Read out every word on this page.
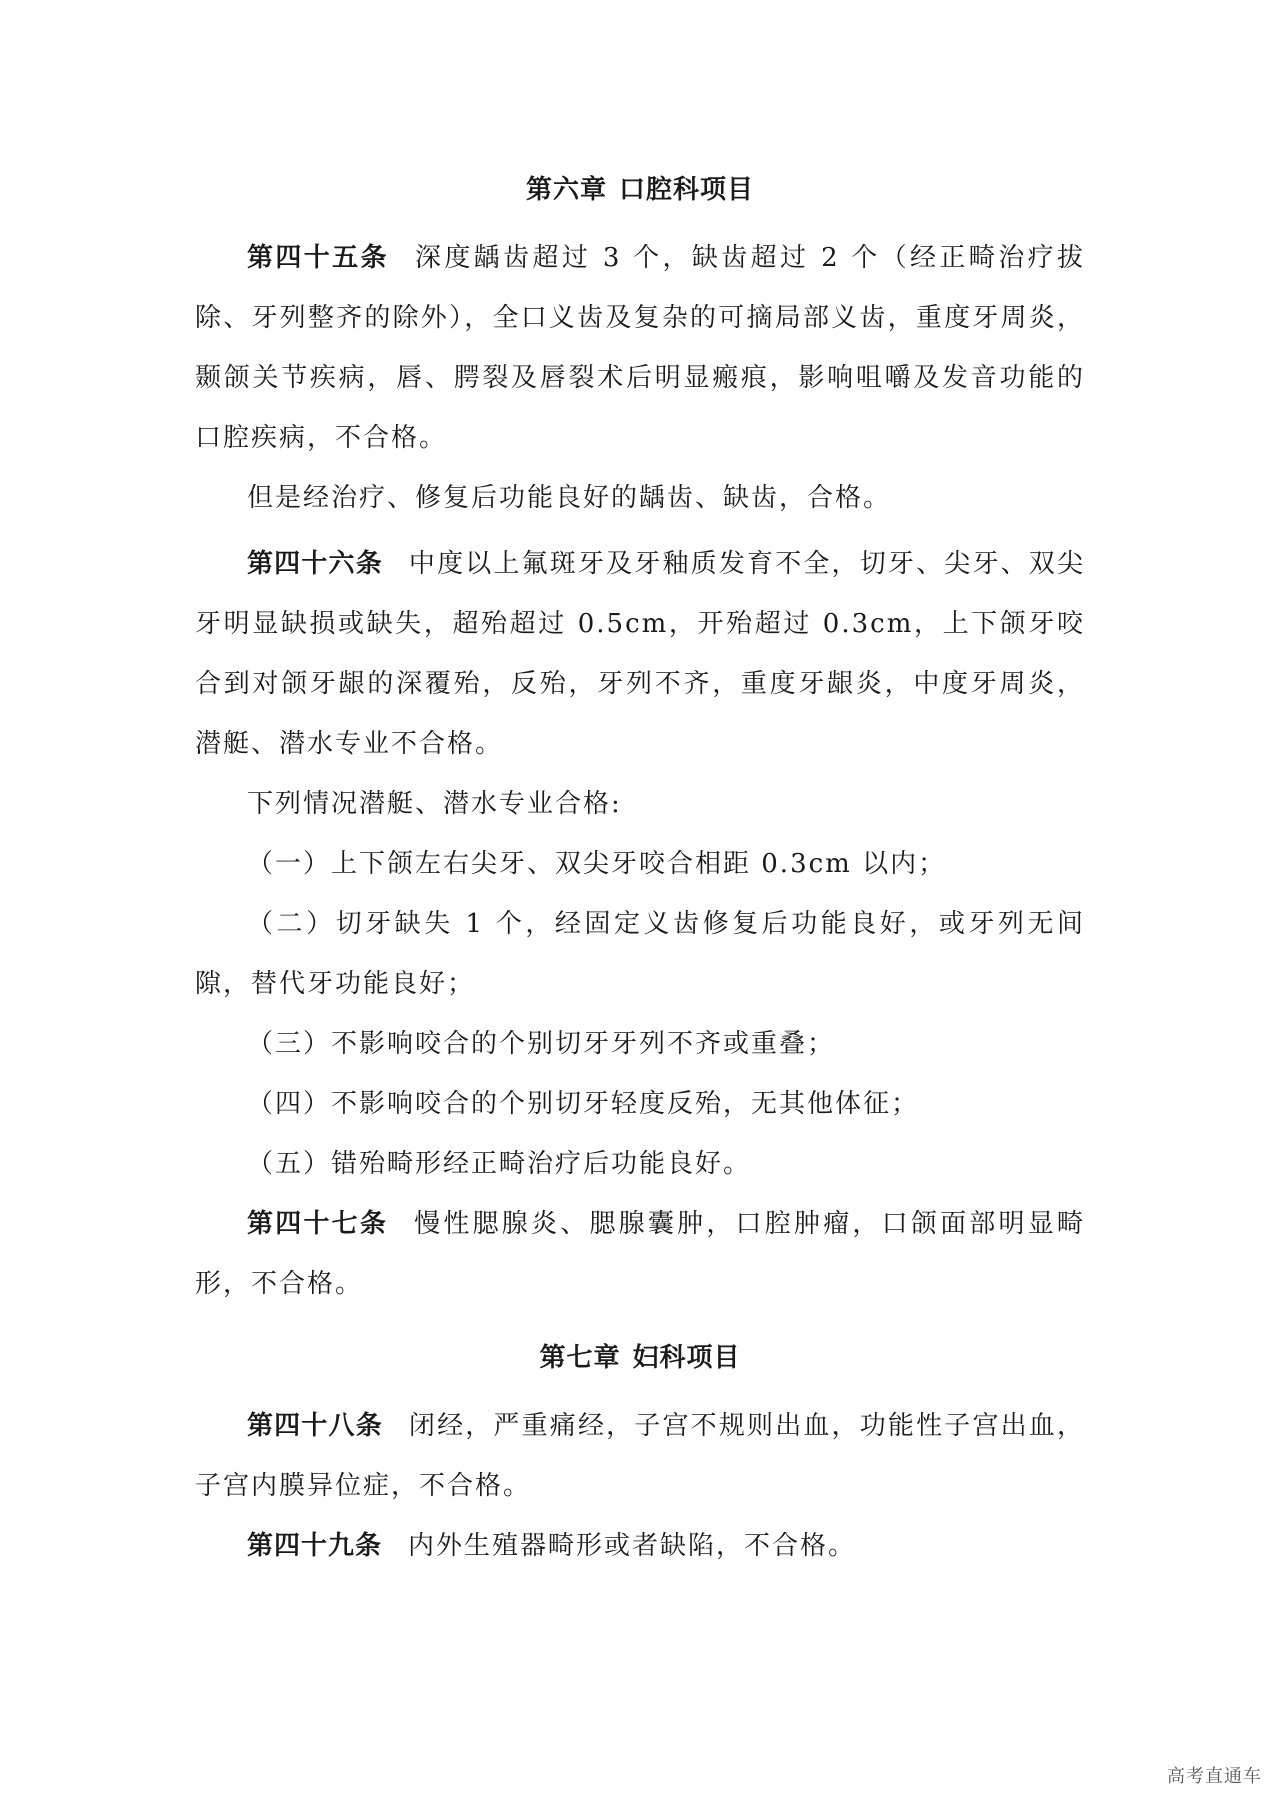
第六章 口腔科项目

第四十五条 深度龋齿超过 3 个，缺齿超过 2 个（经正畸治疗拔除、牙列整齐的除外），全口义齿及复杂的可摘局部义齿，重度牙周炎，颞颌关节疾病，唇、腭裂及唇裂术后明显瘢痕，影响咀嚼及发音功能的口腔疾病，不合格。

但是经治疗、修复后功能良好的龋齿、缺齿，合格。

第四十六条 中度以上氟斑牙及牙釉质发育不全，切牙、尖牙、双尖牙明显缺损或缺失，超殆超过 0.5cm，开殆超过 0.3cm，上下颌牙咬合到对颌牙龈的深覆殆，反殆，牙列不齐，重度牙龈炎，中度牙周炎，潜艇、潜水专业不合格。

下列情况潜艇、潜水专业合格:

（一）上下颌左右尖牙、双尖牙咬合相距 0.3cm 以内；

（二）切牙缺失 1 个，经固定义齿修复后功能良好，或牙列无间隙，替代牙功能良好；

（三）不影响咬合的个别切牙牙列不齐或重叠；

（四）不影响咬合的个别切牙轻度反殆，无其他体征；

（五）错殆畸形经正畸治疗后功能良好。

第四十七条 慢性腮腺炎、腮腺囊肿，口腔肿瘤，口颌面部明显畸形，不合格。

第七章 妇科项目

第四十八条 闭经，严重痛经，子宫不规则出血，功能性子宫出血，子宫内膜异位症，不合格。

第四十九条 内外生殖器畸形或者缺陷，不合格。

高考直通车
